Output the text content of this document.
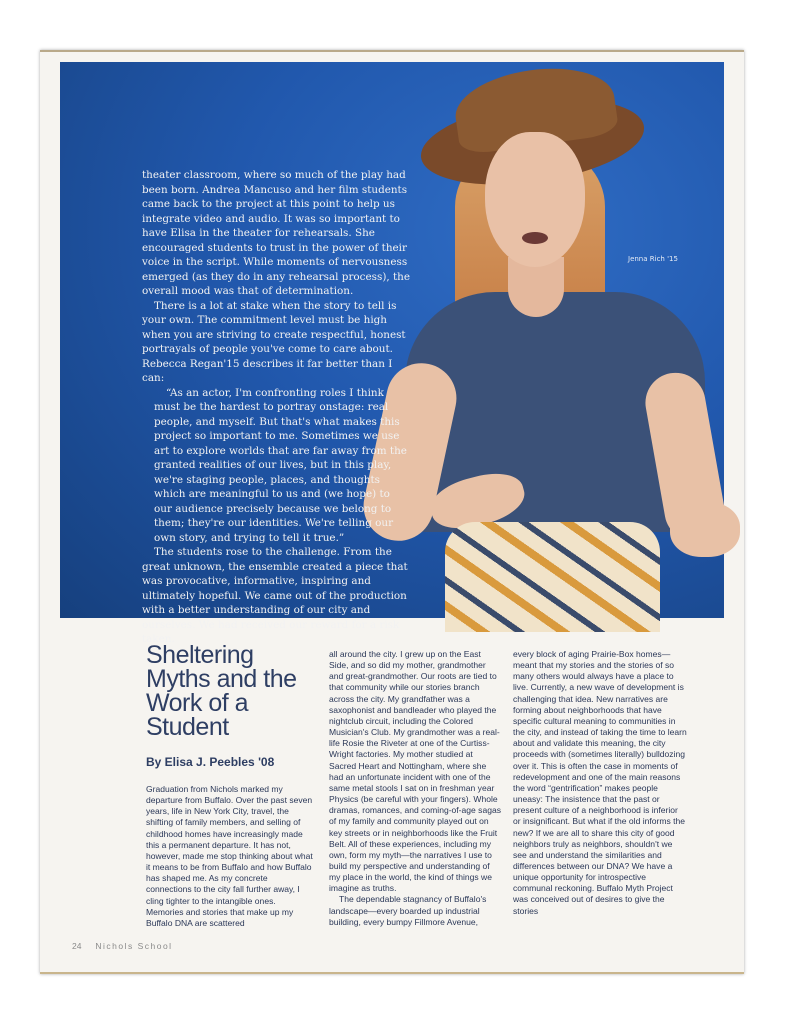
theater classroom, where so much of the play had been born. Andrea Mancuso and her film students came back to the project at this point to help us integrate video and audio. It was so important to have Elisa in the theater for rehearsals. She encouraged students to trust in the power of their voice in the script. While moments of nervousness emerged (as they do in any rehearsal process), the overall mood was that of determination.

There is a lot at stake when the story to tell is your own. The commitment level must be high when you are striving to create respectful, honest portrayals of people you've come to care about. Rebecca Regan'15 describes it far better than I can:

“As an actor, I'm confronting roles I think must be the hardest to portray onstage: real people, and myself. But that's what makes this project so important to me. Sometimes we use art to explore worlds that are far away from the granted realities of our lives, but in this play, we're staging people, places, and thoughts which are meaningful to us and (we hope) to our audience precisely because we belong to them; they're our identities. We're telling our own story, and trying to tell it true.”

The students rose to the challenge. From the great unknown, the ensemble created a piece that was provocative, informative, inspiring and ultimately hopeful. We came out of the production with a better understanding of our city and ourselves. We had received our reward for a risk taken.

Jenna Rich '15
Sheltering Myths and the Work of a Student
By Elisa J. Peebles '08

Graduation from Nichols marked my departure from Buffalo. Over the past seven years, life in New York City, travel, the shifting of family members, and selling of childhood homes have increasingly made this a permanent departure. It has not, however, made me stop thinking about what it means to be from Buffalo and how Buffalo has shaped me. As my concrete connections to the city fall further away, I cling tighter to the intangible ones. Memories and stories that make up my Buffalo DNA are scattered

all around the city. I grew up on the East Side, and so did my mother, grandmother and great-grandmother. Our roots are tied to that community while our stories branch across the city. My grandfather was a saxophonist and bandleader who played the nightclub circuit, including the Colored Musician's Club. My grandmother was a real-life Rosie the Riveter at one of the Curtiss-Wright factories. My mother studied at Sacred Heart and Nottingham, where she had an unfortunate incident with one of the same metal stools I sat on in freshman year Physics (be careful with your fingers). Whole dramas, romances, and coming-of-age sagas of my family and community played out on key streets or in neighborhoods like the Fruit Belt. All of these experiences, including my own, form my myth—the narratives I use to build my perspective and understanding of my place in the world, the kind of things we imagine as truths.

The dependable stagnancy of Buffalo's landscape—every boarded up industrial building, every bumpy Fillmore Avenue,

every block of aging Prairie-Box homes—meant that my stories and the stories of so many others would always have a place to live. Currently, a new wave of development is challenging that idea. New narratives are forming about neighborhoods that have specific cultural meaning to communities in the city, and instead of taking the time to learn about and validate this meaning, the city proceeds with (sometimes literally) bulldozing over it. This is often the case in moments of redevelopment and one of the main reasons the word “gentrification” makes people uneasy: The insistence that the past or present culture of a neighborhood is inferior or insignificant. But what if the old informs the new? If we are all to share this city of good neighbors truly as neighbors, shouldn't we see and understand the similarities and differences between our DNA? We have a unique opportunity for introspective communal reckoning. Buffalo Myth Project was conceived out of desires to give the stories

24 Nichols School
